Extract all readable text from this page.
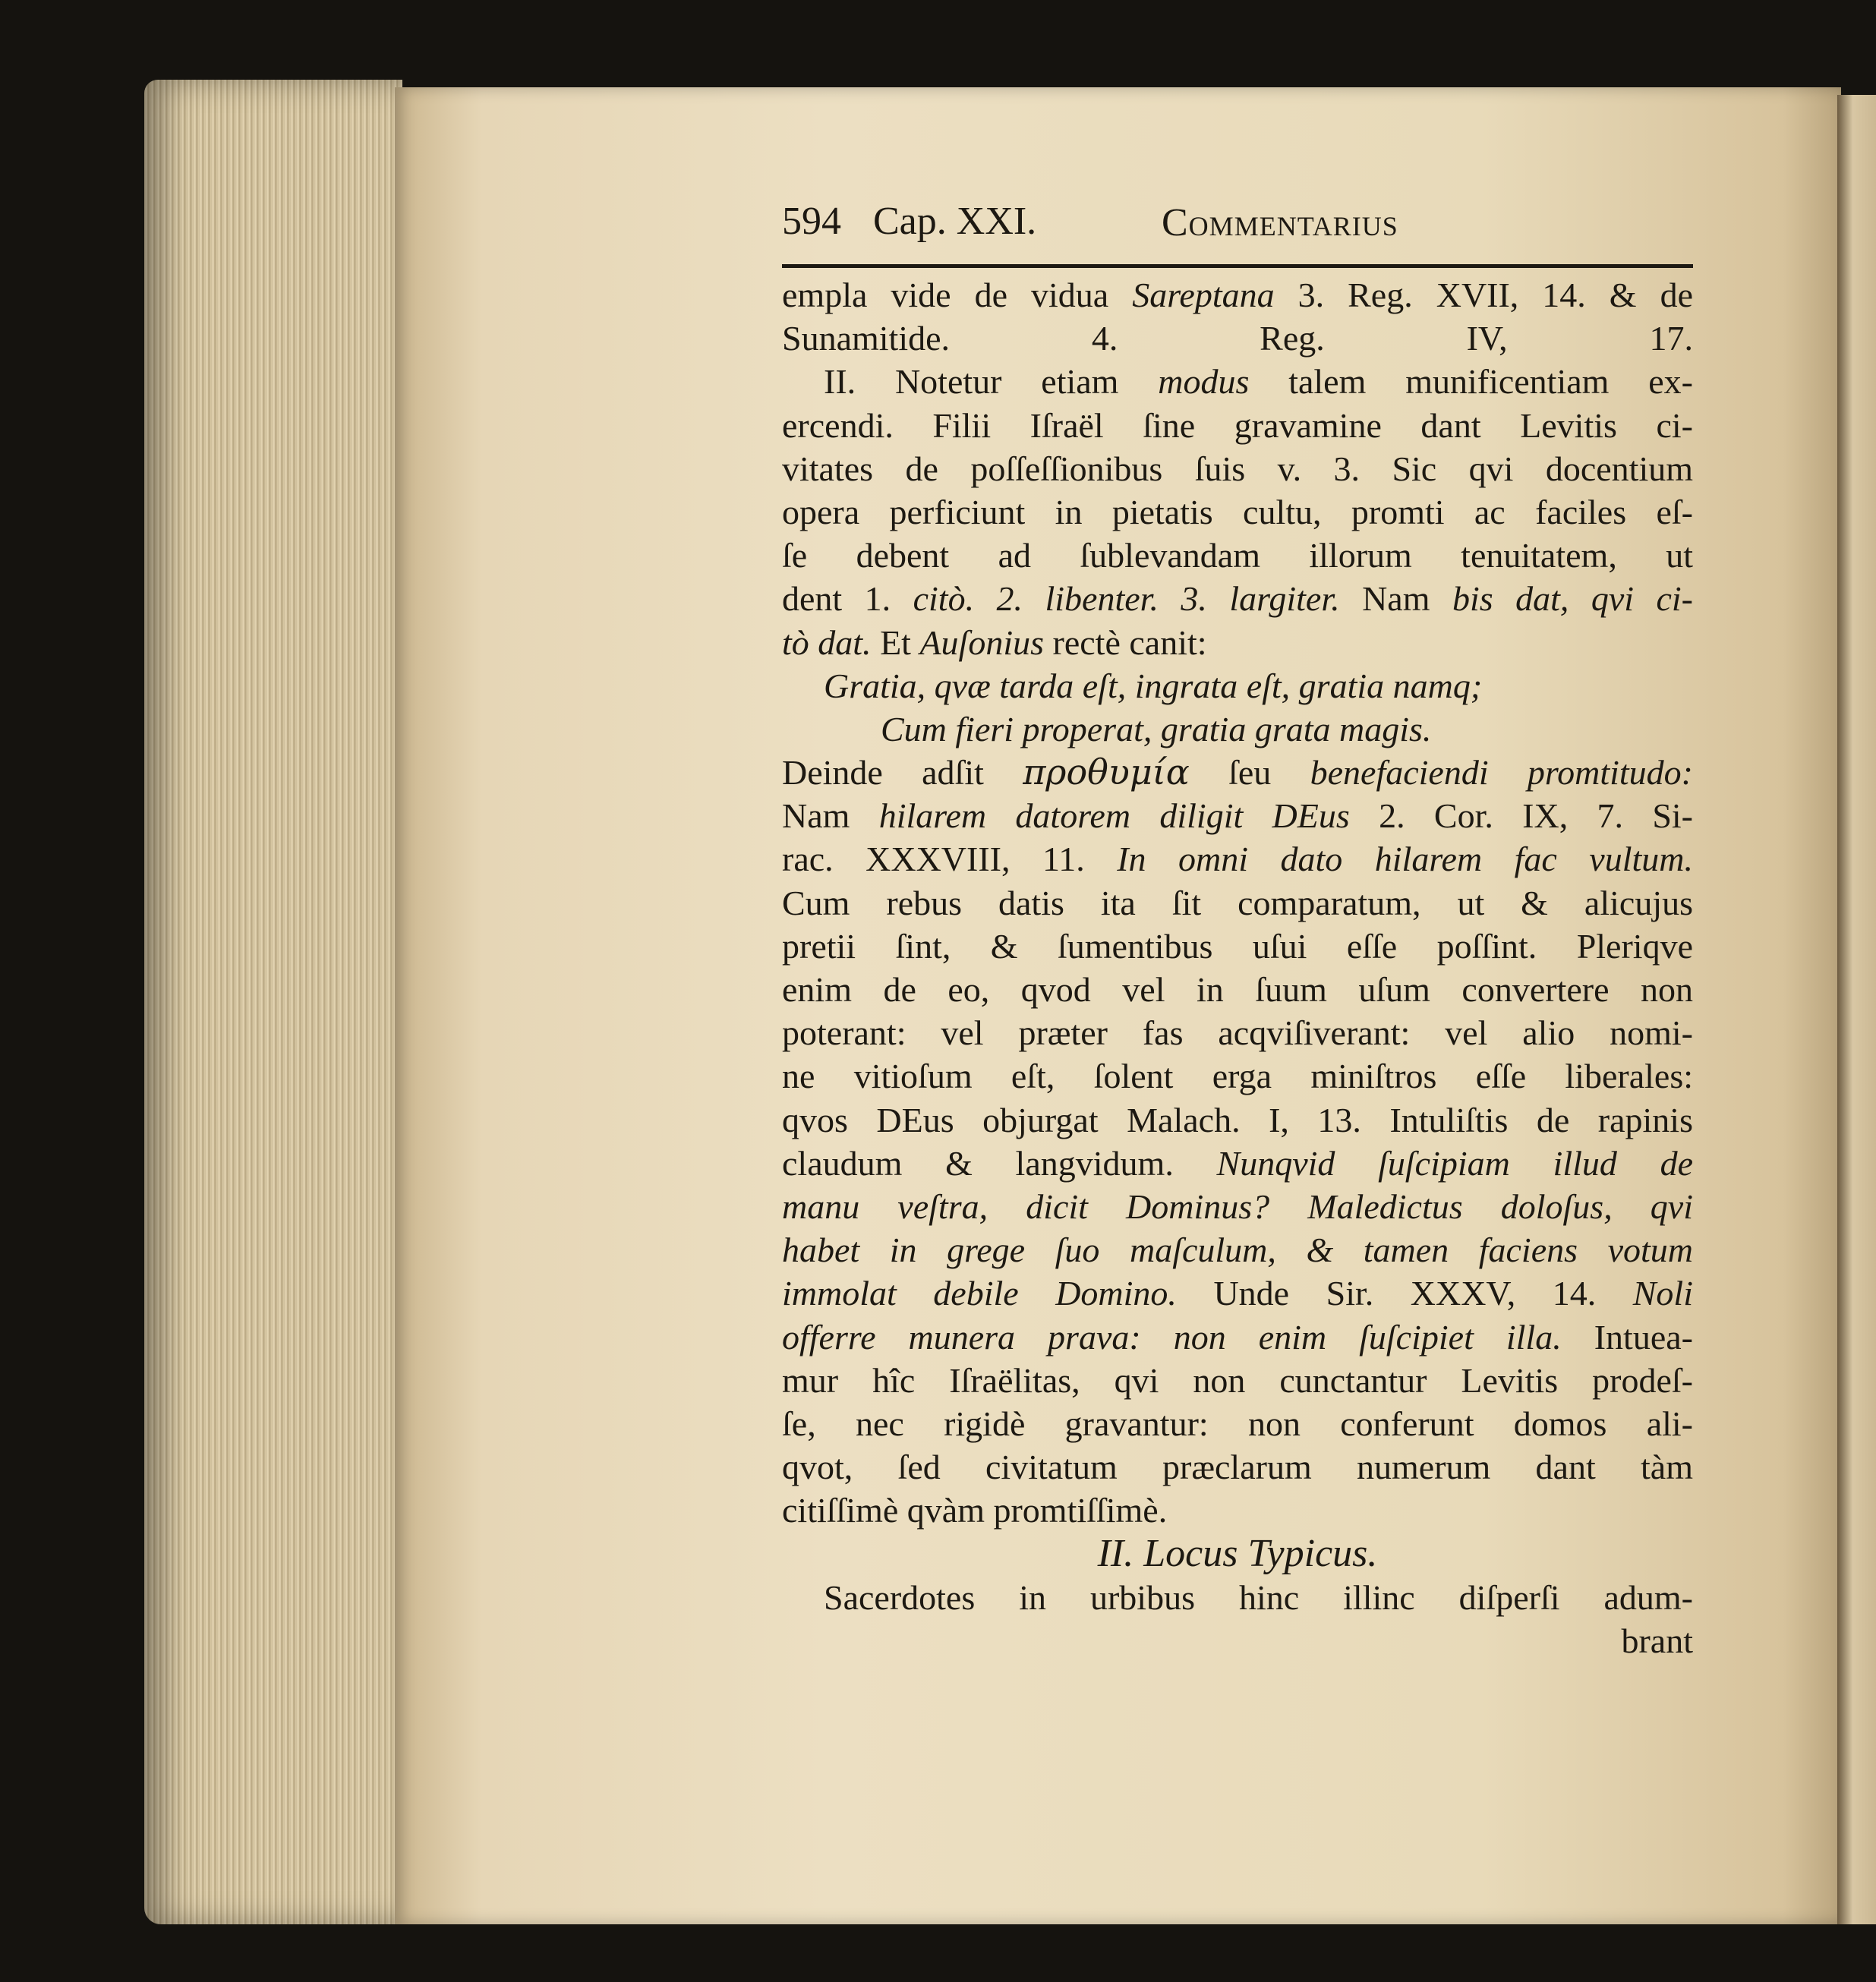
594 Cap. XXI.	Commentarius
empla vide de vidua Sareptana 3. Reg. XVII, 14. & de
Sunamitide. 4. Reg. IV, 17.
II. Notetur etiam modus talem munificentiam ex-
ercendi. Filii Iſraël ſine gravamine dant Levitis ci-
vitates de poſſeſſionibus ſuis v. 3. Sic qvi docentium
opera perficiunt in pietatis cultu, promti ac faciles eſ-
ſe debent ad ſublevandam illorum tenuitatem, ut
dent 1. citò. 2. libenter. 3. largiter. Nam bis dat, qvi ci-
tò dat. Et Auſonius rectè canit:
Gratia, qvæ tarda eſt, ingrata eſt, gratia namq;
Cum fieri properat, gratia grata magis.
Deinde adſit προθυμία ſeu benefaciendi promtitudo:
Nam hilarem datorem diligit DEus 2. Cor. IX, 7. Si-
rac. XXXVIII, 11. In omni dato hilarem fac vultum.
Cum rebus datis ita ſit comparatum, ut & alicujus
pretii ſint, & ſumentibus uſui eſſe poſſint. Pleriqve
enim de eo, qvod vel in ſuum uſum convertere non
poterant: vel præter fas acqviſiverant: vel alio nomi-
ne vitioſum eſt, ſolent erga miniſtros eſſe liberales:
qvos DEus objurgat Malach. I, 13. Intuliſtis de rapinis
claudum & langvidum. Nunqvid ſuſcipiam illud de
manu veſtra, dicit Dominus? Maledictus doloſus, qvi
habet in grege ſuo maſculum, & tamen faciens votum
immolat debile Domino. Unde Sir. XXXV, 14. Noli
offerre munera prava: non enim ſuſcipiet illa. Intuea-
mur hîc Iſraëlitas, qvi non cunctantur Levitis prodeſ-
ſe, nec rigidè gravantur: non conferunt domos ali-
qvot, ſed civitatum præclarum numerum dant tàm
citiſſimè qvàm promtiſſimè.
II. Locus Typicus.
Sacerdotes in urbibus hinc illinc diſperſi adum-
brant
